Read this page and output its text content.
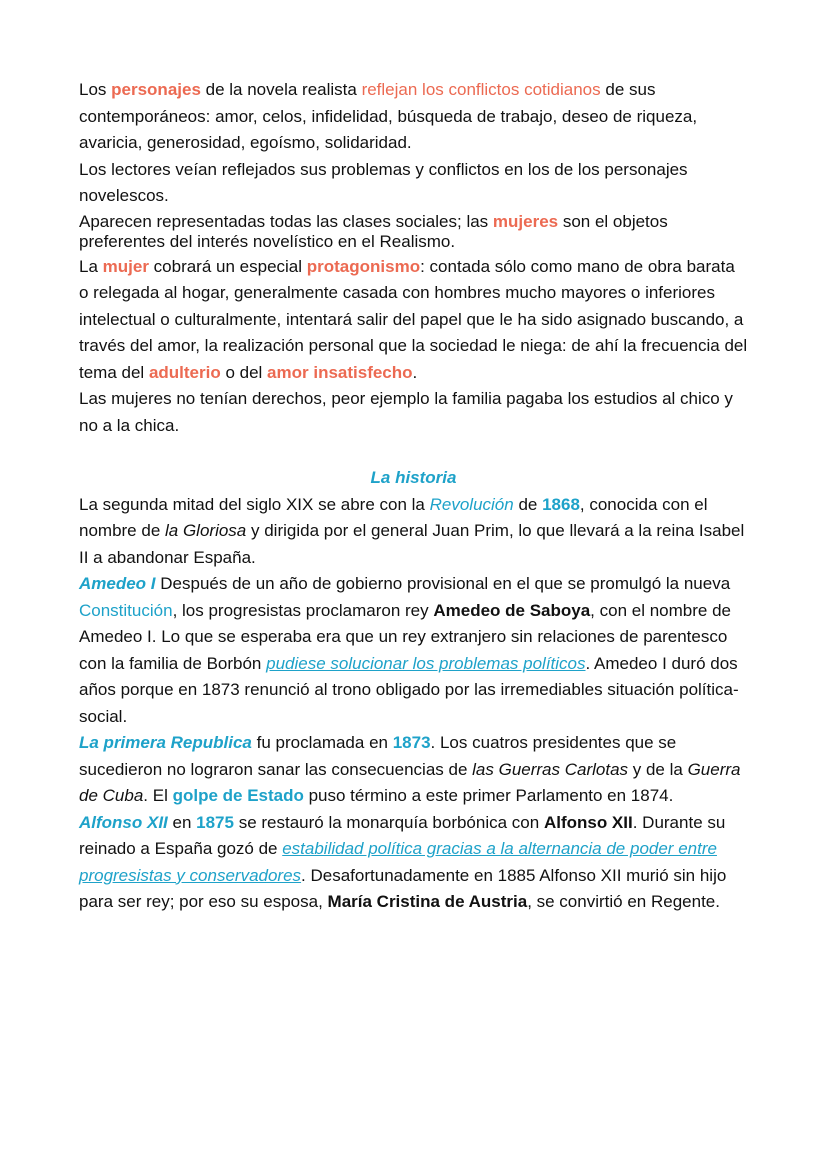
Los personajes de la novela realista reflejan los conflictos cotidianos de sus contemporáneos: amor, celos, infidelidad, búsqueda de trabajo, deseo de riqueza, avaricia, generosidad, egoísmo, solidaridad.

Los lectores veían reflejados sus problemas y conflictos en los de los personajes novelescos.

Aparecen representadas todas las clases sociales; las mujeres son el objetos preferentes del interés novelístico en el Realismo.

La mujer cobrará un especial protagonismo: contada sólo como mano de obra barata o relegada al hogar, generalmente casada con hombres mucho mayores o inferiores intelectual o culturalmente, intentará salir del papel que le ha sido asignado buscando, a través del amor, la realización personal que la sociedad le niega: de ahí la frecuencia del tema del adulterio o del amor insatisfecho.

Las mujeres no tenían derechos, peor ejemplo la familia pagaba los estudios al chico y no a la chica.

La historia

La segunda mitad del siglo XIX se abre con la Revolución de 1868, conocida con el nombre de la Gloriosa y dirigida por el general Juan Prim, lo que llevará a la reina Isabel II a abandonar España.

Amedeo I Después de un año de gobierno provisional en el que se promulgó la nueva Constitución, los progresistas proclamaron rey Amedeo de Saboya, con el nombre de Amedeo I. Lo que se esperaba era que un rey extranjero sin relaciones de parentesco con la familia de Borbón pudiese solucionar los problemas políticos. Amedeo I duró dos años porque en 1873 renunció al trono obligado por las irremediables situación política-social.

La primera Republica fu proclamada en 1873. Los cuatros presidentes que se sucedieron no lograron sanar las consecuencias de las Guerras Carlotas y de la Guerra de Cuba. El golpe de Estado puso término a este primer Parlamento en 1874.

Alfonso XII en 1875 se restauró la monarquía borbónica con Alfonso XII. Durante su reinado a España gozó de estabilidad política gracias a la alternancia de poder entre progresistas y conservadores. Desafortunadamente en 1885 Alfonso XII murió sin hijo para ser rey; por eso su esposa, María Cristina de Austria, se convirtió en Regente.
